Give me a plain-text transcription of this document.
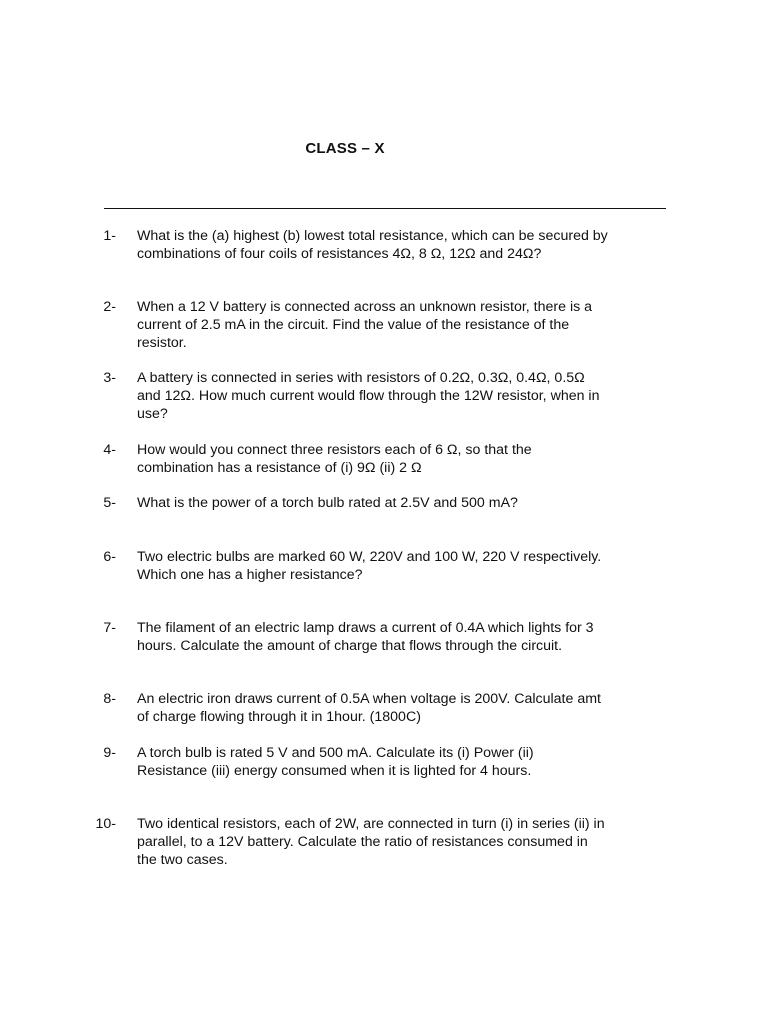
CLASS – X
1- What is the (a) highest (b) lowest total resistance, which can be secured by
combinations of four coils of resistances 4Ω, 8 Ω, 12Ω and 24Ω?
2- When a 12 V battery is connected across an unknown resistor, there is a
current of 2.5 mA in the circuit. Find the value of the resistance of the
resistor.
3- A battery is connected in series with resistors of 0.2Ω, 0.3Ω, 0.4Ω, 0.5Ω
and 12Ω. How much current would flow through the 12W resistor, when in
use?
4- How would you connect three resistors each of 6 Ω, so that the
combination has a resistance of (i) 9Ω (ii) 2 Ω
5- What is the power of a torch bulb rated at 2.5V and 500 mA?
6- Two electric bulbs are marked 60 W, 220V and 100 W, 220 V respectively.
Which one has a higher resistance?
7- The filament of an electric lamp draws a current of 0.4A which lights for 3
hours. Calculate the amount of charge that flows through the circuit.
8- An electric iron draws current of 0.5A when voltage is 200V. Calculate amt
of charge flowing through it in 1hour. (1800C)
9- A torch bulb is rated 5 V and 500 mA. Calculate its (i) Power (ii)
Resistance (iii) energy consumed when it is lighted for 4 hours.
10- Two identical resistors, each of 2W, are connected in turn (i) in series (ii) in
parallel, to a 12V battery. Calculate the ratio of resistances consumed in
the two cases.
